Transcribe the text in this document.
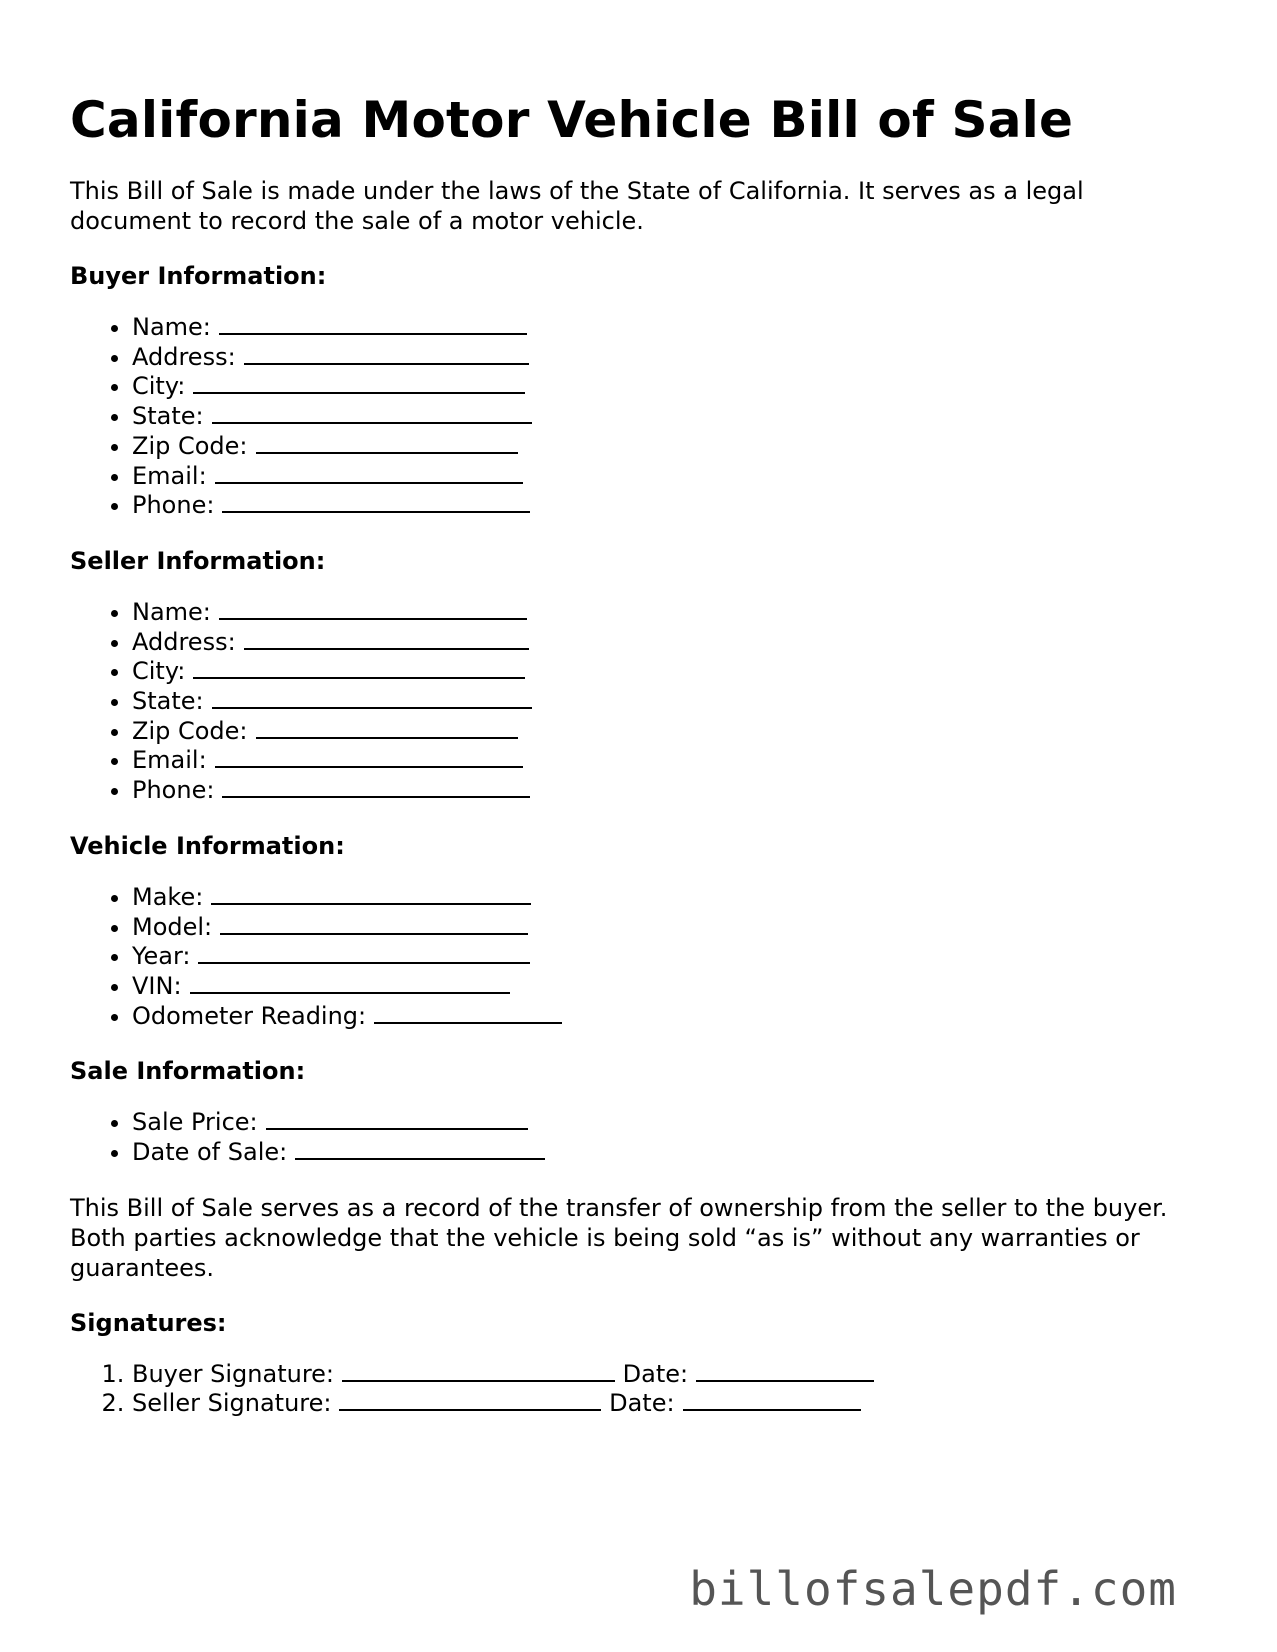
California Motor Vehicle Bill of Sale

This Bill of Sale is made under the laws of the State of California. It serves as a legal document to record the sale of a motor vehicle.

Buyer Information:
• Name:
• Address:
• City:
• State:
• Zip Code:
• Email:
• Phone:
Seller Information:
• Name:
• Address:
• City:
• State:
• Zip Code:
• Email:
• Phone:
Vehicle Information:
• Make:
• Model:
• Year:
• VIN:
• Odometer Reading:
Sale Information:
• Sale Price:
• Date of Sale:

This Bill of Sale serves as a record of the transfer of ownership from the seller to the buyer. Both parties acknowledge that the vehicle is being sold “as is” without any warranties or guarantees.

Signatures:
1. Buyer Signature:	Date:
2. Seller Signature:	Date:
billofsalepdf.com
